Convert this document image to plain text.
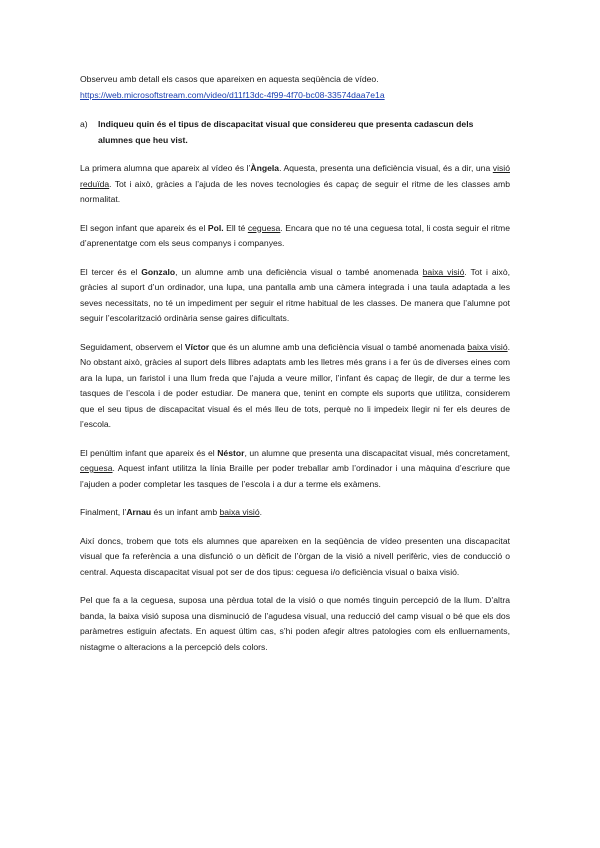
Observeu amb detall els casos que apareixen en aquesta seqüència de vídeo.
https://web.microsoftstream.com/video/d11f13dc-4f99-4f70-bc08-33574daa7e1a

a) Indiqueu quin és el tipus de discapacitat visual que considereu que presenta cadascun dels alumnes que heu vist.

La primera alumna que apareix al vídeo és l’Àngela. Aquesta, presenta una deficiència visual, és a dir, una visió reduïda. Tot i això, gràcies a l’ajuda de les noves tecnologies és capaç de seguir el ritme de les classes amb normalitat.

El segon infant que apareix és el Pol. Ell té ceguesa. Encara que no té una ceguesa total, li costa seguir el ritme d’aprenentatge com els seus companys i companyes.

El tercer és el Gonzalo, un alumne amb una deficiència visual o també anomenada baixa visió. Tot i això, gràcies al suport d’un ordinador, una lupa, una pantalla amb una càmera integrada i una taula adaptada a les seves necessitats, no té un impediment per seguir el ritme habitual de les classes. De manera que l’alumne pot seguir l’escolarització ordinària sense gaires dificultats.

Seguidament, observem el Víctor que és un alumne amb una deficiència visual o també anomenada baixa visió. No obstant això, gràcies al suport dels llibres adaptats amb les lletres més grans i a fer ús de diverses eines com ara la lupa, un faristol i una llum freda que l’ajuda a veure millor, l’infant és capaç de llegir, de dur a terme les tasques de l’escola i de poder estudiar. De manera que, tenint en compte els suports que utilitza, considerem que el seu tipus de discapacitat visual és el més lleu de tots, perquè no li impedeix llegir ni fer els deures de l’escola.

El penúltim infant que apareix és el Néstor, un alumne que presenta una discapacitat visual, més concretament, ceguesa. Aquest infant utilitza la línia Braille per poder treballar amb l’ordinador i una màquina d’escriure que l’ajuden a poder completar les tasques de l’escola i a dur a terme els exàmens.

Finalment, l’Arnau és un infant amb baixa visió.

Així doncs, trobem que tots els alumnes que apareixen en la seqüència de vídeo presenten una discapacitat visual que fa referència a una disfunció o un dèficit de l’òrgan de la visió a nivell perifèric, vies de conducció o central. Aquesta discapacitat visual pot ser de dos tipus: ceguesa i/o deficiència visual o baixa visió.

Pel que fa a la ceguesa, suposa una pèrdua total de la visió o que només tinguin percepció de la llum. D’altra banda, la baixa visió suposa una disminució de l’agudesa visual, una reducció del camp visual o bé que els dos paràmetres estiguin afectats. En aquest últim cas, s’hi poden afegir altres patologies com els enlluernaments, nistagme o alteracions a la percepció dels colors.
